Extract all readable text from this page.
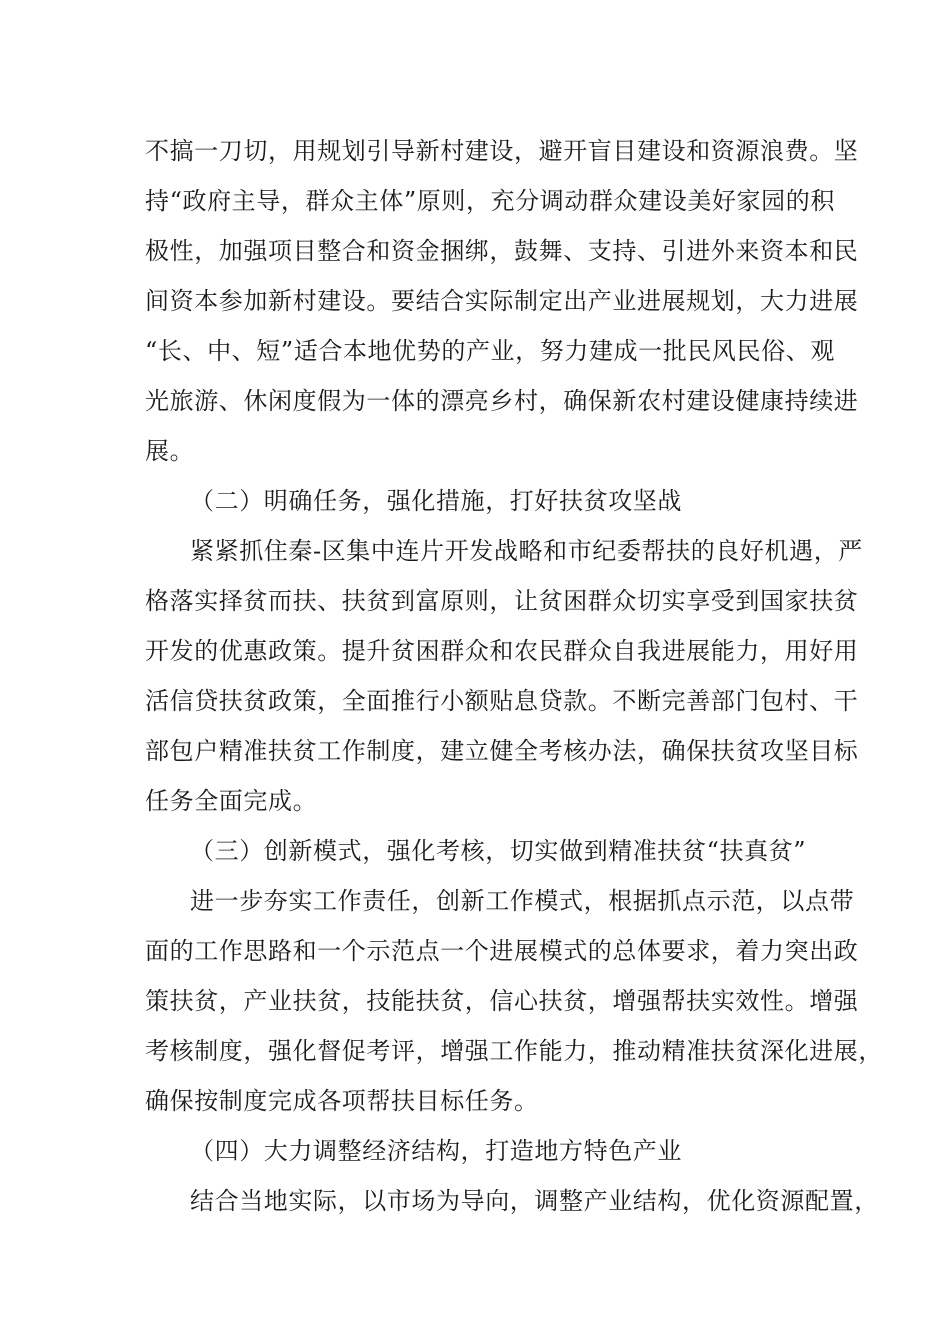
不搞一刀切，用规划引导新村建设，避开盲目建设和资源浪费。坚
持“政府主导，群众主体”原则，充分调动群众建设美好家园的积
极性，加强项目整合和资金捆绑，鼓舞、支持、引进外来资本和民
间资本参加新村建设。要结合实际制定出产业进展规划，大力进展
“长、中、短”适合本地优势的产业，努力建成一批民风民俗、观
光旅游、休闲度假为一体的漂亮乡村，确保新农村建设健康持续进
展。
（二）明确任务，强化措施，打好扶贫攻坚战
紧紧抓住秦-区集中连片开发战略和市纪委帮扶的良好机遇，严
格落实择贫而扶、扶贫到富原则，让贫困群众切实享受到国家扶贫
开发的优惠政策。提升贫困群众和农民群众自我进展能力，用好用
活信贷扶贫政策，全面推行小额贴息贷款。不断完善部门包村、干
部包户精准扶贫工作制度，建立健全考核办法，确保扶贫攻坚目标
任务全面完成。
（三）创新模式，强化考核，切实做到精准扶贫“扶真贫”
进一步夯实工作责任，创新工作模式，根据抓点示范，以点带
面的工作思路和一个示范点一个进展模式的总体要求，着力突出政
策扶贫，产业扶贫，技能扶贫，信心扶贫，增强帮扶实效性。增强
考核制度，强化督促考评，增强工作能力，推动精准扶贫深化进展，
确保按制度完成各项帮扶目标任务。
（四）大力调整经济结构，打造地方特色产业
结合当地实际，以市场为导向，调整产业结构，优化资源配置，
